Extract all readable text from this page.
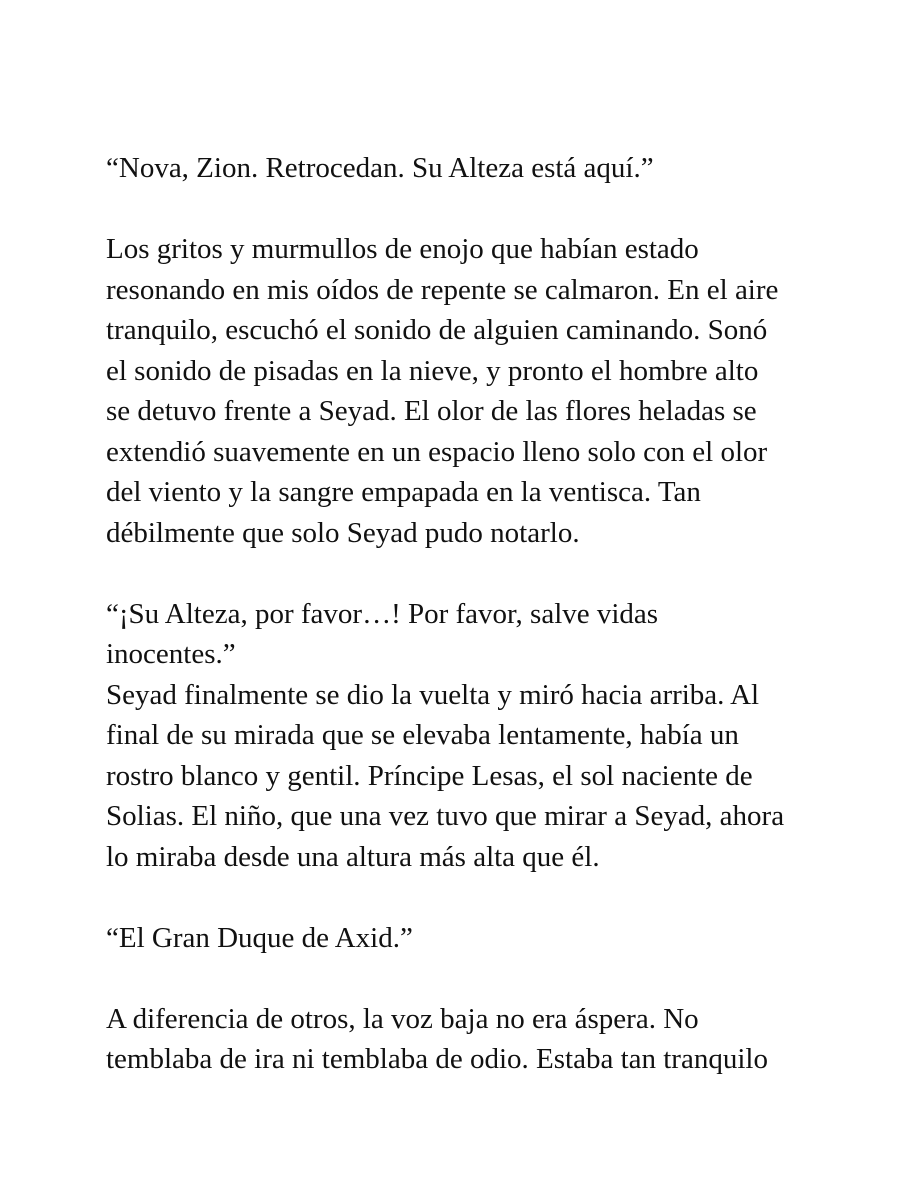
“Nova, Zion. Retrocedan. Su Alteza está aquí.”

Los gritos y murmullos de enojo que habían estado
resonando en mis oídos de repente se calmaron. En el aire
tranquilo, escuchó el sonido de alguien caminando. Sonó
el sonido de pisadas en la nieve, y pronto el hombre alto
se detuvo frente a Seyad. El olor de las flores heladas se
extendió suavemente en un espacio lleno solo con el olor
del viento y la sangre empapada en la ventisca. Tan
débilmente que solo Seyad pudo notarlo.

“¡Su Alteza, por favor…! Por favor, salve vidas
inocentes.”
Seyad finalmente se dio la vuelta y miró hacia arriba. Al
final de su mirada que se elevaba lentamente, había un
rostro blanco y gentil. Príncipe Lesas, el sol naciente de
Solias. El niño, que una vez tuvo que mirar a Seyad, ahora
lo miraba desde una altura más alta que él.

“El Gran Duque de Axid.”

A diferencia de otros, la voz baja no era áspera. No
temblaba de ira ni temblaba de odio. Estaba tan tranquilo
